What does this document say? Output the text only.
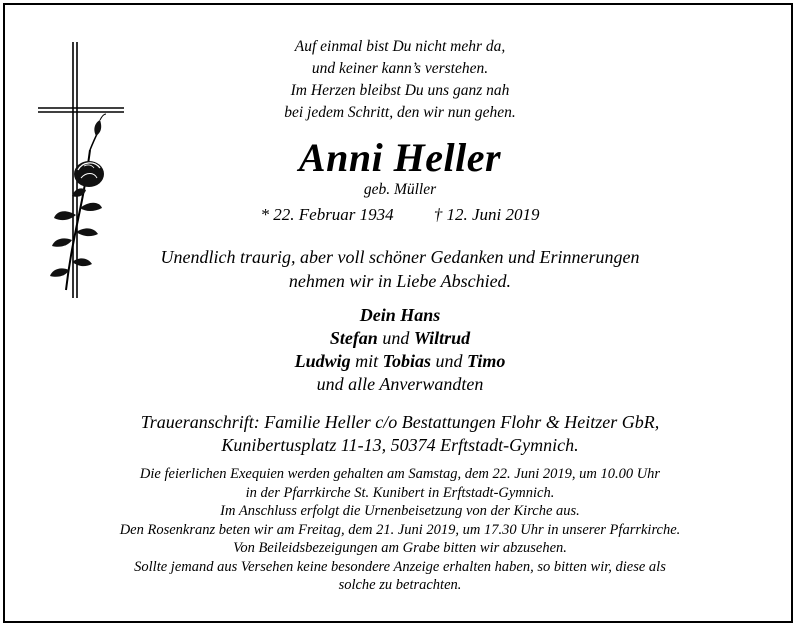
Auf einmal bist Du nicht mehr da,
und keiner kann’s verstehen.
Im Herzen bleibst Du uns ganz nah
bei jedem Schritt, den wir nun gehen.
Anni Heller
geb. Müller
* 22. Februar 1934 † 12. Juni 2019
Unendlich traurig, aber voll schöner Gedanken und Erinnerungen
nehmen wir in Liebe Abschied.
Dein Hans
Stefan und Wiltrud
Ludwig mit Tobias und Timo
und alle Anverwandten
Traueranschrift: Familie Heller c/o Bestattungen Flohr & Heitzer GbR,
Kunibertusplatz 11-13, 50374 Erftstadt-Gymnich.
Die feierlichen Exequien werden gehalten am Samstag, dem 22. Juni 2019, um 10.00 Uhr
in der Pfarrkirche St. Kunibert in Erftstadt-Gymnich.
Im Anschluss erfolgt die Urnenbeisetzung von der Kirche aus.
Den Rosenkranz beten wir am Freitag, dem 21. Juni 2019, um 17.30 Uhr in unserer Pfarrkirche.
Von Beileidsbezeigungen am Grabe bitten wir abzusehen.
Sollte jemand aus Versehen keine besondere Anzeige erhalten haben, so bitten wir, diese als
solche zu betrachten.
